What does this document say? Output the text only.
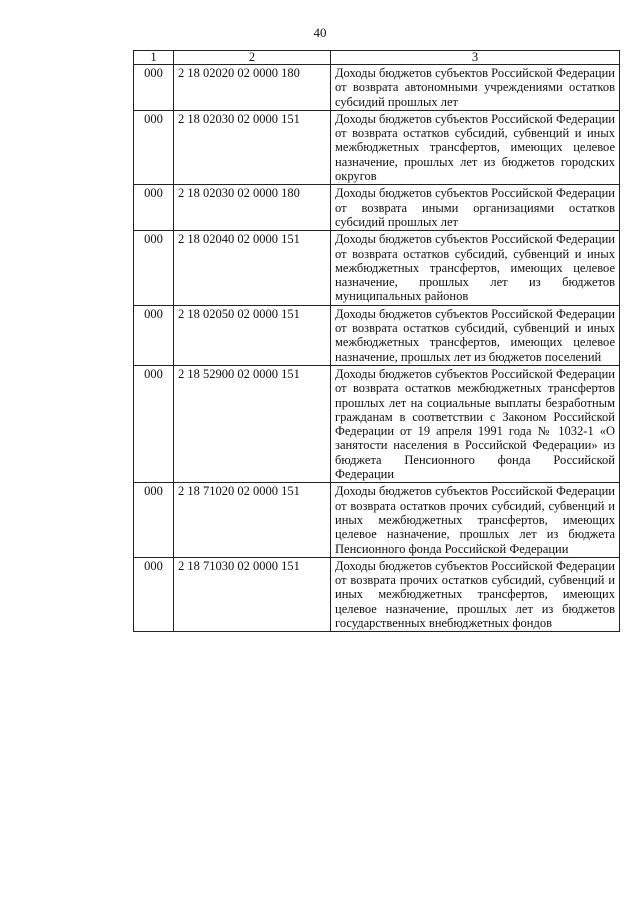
40
1	2	3
000	2 18 02020 02 0000 180	Доходы бюджетов субъектов Российской Федерации от возврата автономными учреждениями остатков субсидий прошлых лет
000	2 18 02030 02 0000 151	Доходы бюджетов субъектов Российской Федерации от возврата остатков субсидий, субвенций и иных межбюджетных трансфертов, имеющих целевое назначение, прошлых лет из бюджетов городских округов
000	2 18 02030 02 0000 180	Доходы бюджетов субъектов Российской Федерации от возврата иными организациями остатков субсидий прошлых лет
000	2 18 02040 02 0000 151	Доходы бюджетов субъектов Российской Федерации от возврата остатков субсидий, субвенций и иных межбюджетных трансфертов, имеющих целевое назначение, прошлых лет из бюджетов муниципальных районов
000	2 18 02050 02 0000 151	Доходы бюджетов субъектов Российской Федерации от возврата остатков субсидий, субвенций и иных межбюджетных трансфертов, имеющих целевое назначение, прошлых лет из бюджетов поселений
000	2 18 52900 02 0000 151	Доходы бюджетов субъектов Российской Федерации от возврата остатков межбюджетных трансфертов прошлых лет на социальные выплаты безработным гражданам в соответствии с Законом Российской Федерации от 19 апреля 1991 года № 1032-1 «О занятости населения в Российской Федерации» из бюджета Пенсионного фонда Российской Федерации
000	2 18 71020 02 0000 151	Доходы бюджетов субъектов Российской Федерации от возврата остатков прочих субсидий, субвенций и иных межбюджетных трансфертов, имеющих целевое назначение, прошлых лет из бюджета Пенсионного фонда Российской Федерации
000	2 18 71030 02 0000 151	Доходы бюджетов субъектов Российской Федерации от возврата прочих остатков субсидий, субвенций и иных межбюджетных трансфертов, имеющих целевое назначение, прошлых лет из бюджетов государственных внебюджетных фондов
